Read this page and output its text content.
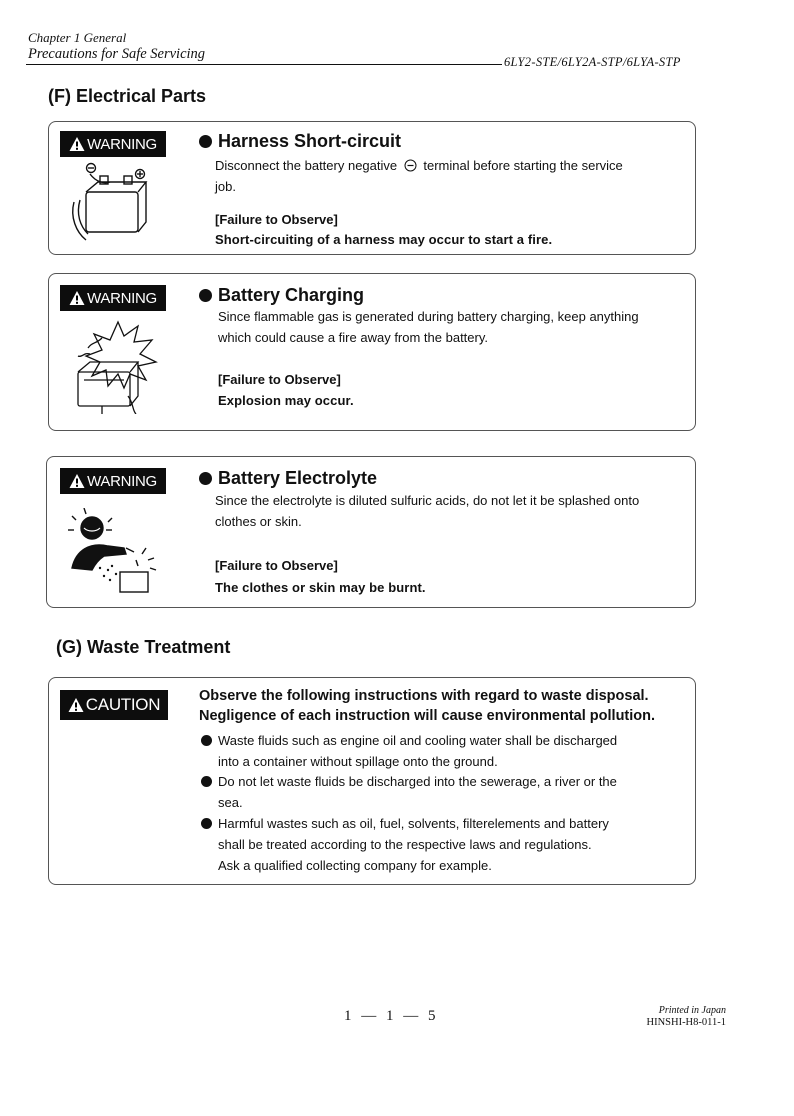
Chapter 1 General
Precautions for Safe Servicing	6LY2-STE/6LY2A-STP/6LYA-STP
(F) Electrical Parts
WARNING	Harness Short-circuit
Disconnect the battery negative terminal before starting the service
job.
[Failure to Observe]
Short-circuiting of a harness may occur to start a fire.
WARNING	Battery Charging
Since flammable gas is generated during battery charging, keep anything
which could cause a fire away from the battery.
[Failure to Observe]
Explosion may occur.
WARNING	Battery Electrolyte
Since the electrolyte is diluted sulfuric acids, do not let it be splashed onto
clothes or skin.
[Failure to Observe]
The clothes or skin may be burnt.
(G) Waste Treatment
CAUTION	Observe the following instructions with regard to waste disposal.
Negligence of each instruction will cause environmental pollution.
Waste fluids such as engine oil and cooling water shall be discharged
into a container without spillage onto the ground.
Do not let waste fluids be discharged into the sewerage, a river or the
sea.
Harmful wastes such as oil, fuel, solvents, filterelements and battery
shall be treated according to the respective laws and regulations.
Ask a qualified collecting company for example.
1 — 1 — 5	Printed in Japan
HINSHI-H8-011-1
